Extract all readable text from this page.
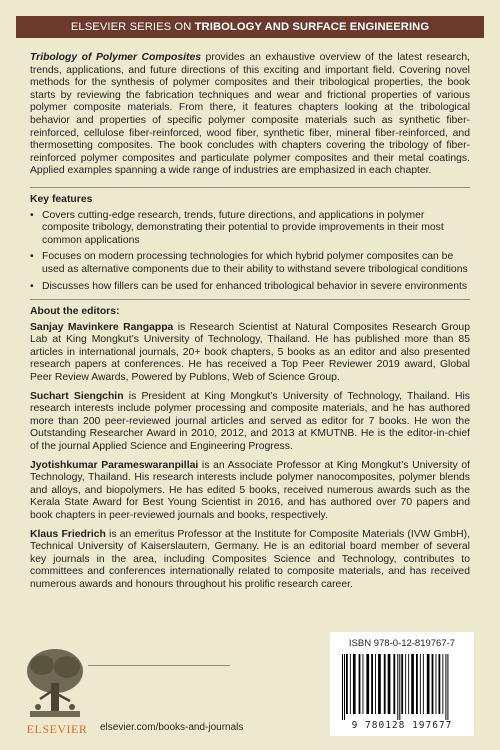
ELSEVIER SERIES ON TRIBOLOGY AND SURFACE ENGINEERING

Tribology of Polymer Composites provides an exhaustive overview of the latest research, trends, applications, and future directions of this exciting and important field. Covering novel methods for the synthesis of polymer composites and their tribological properties, the book starts by reviewing the fabrication techniques and wear and frictional properties of various polymer composite materials. From there, it features chapters looking at the tribological behavior and properties of specific polymer composite materials such as synthetic fiber-reinforced, cellulose fiber-reinforced, wood fiber, synthetic fiber, mineral fiber-reinforced, and thermosetting composites. The book concludes with chapters covering the tribology of fiber-reinforced polymer composites and particulate polymer composites and their metal coatings. Applied examples spanning a wide range of industries are emphasized in each chapter.

Key features
• Covers cutting-edge research, trends, future directions, and applications in polymer composite tribology, demonstrating their potential to provide improvements in their most common applications
• Focuses on modern processing technologies for which hybrid polymer composites can be used as alternative components due to their ability to withstand severe tribological conditions
• Discusses how fillers can be used for enhanced tribological behavior in severe environments
About the editors:

Sanjay Mavinkere Rangappa is Research Scientist at Natural Composites Research Group Lab at King Mongkut’s University of Technology, Thailand. He has published more than 85 articles in international journals, 20+ book chapters, 5 books as an editor and also presented research papers at conferences. He has received a Top Peer Reviewer 2019 award, Global Peer Review Awards, Powered by Publons, Web of Science Group.

Suchart Siengchin is President at King Mongkut’s University of Technology, Thailand. His research interests include polymer processing and composite materials, and he has authored more than 200 peer-reviewed journal articles and served as editor for 7 books. He won the Outstanding Researcher Award in 2010, 2012, and 2013 at KMUTNB. He is the editor-in-chief of the journal Applied Science and Engineering Progress.

Jyotishkumar Parameswaranpillai is an Associate Professor at King Mongkut’s University of Technology, Thailand. His research interests include polymer nanocomposites, polymer blends and alloys, and biopolymers. He has edited 5 books, received numerous awards such as the Kerala State Award for Best Young Scientist in 2016, and has authored over 70 papers and book chapters in peer-reviewed journals and books, respectively.

Klaus Friedrich is an emeritus Professor at the Institute for Composite Materials (IVW GmbH), Technical University of Kaiserslautern, Germany. He is an editorial board member of several key journals in the area, including Composites Science and Technology, contributes to committees and conferences internationally related to composite materials, and has received numerous awards and honours throughout his prolific research career.

ELSEVIER elsevier.com/books-and-journals
ISBN 978-0-12-819767-7
9 780128 197677
